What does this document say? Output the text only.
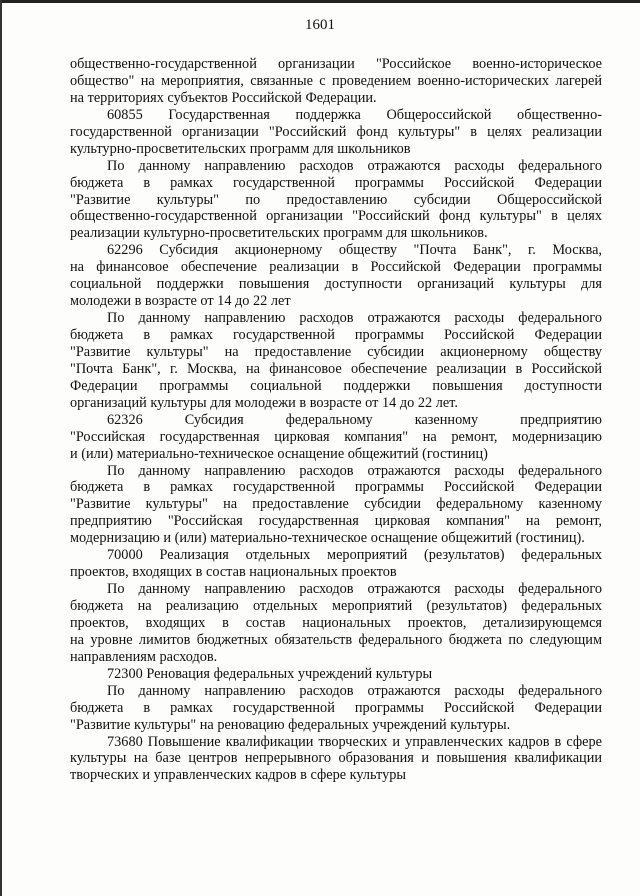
1601
общественно-государственной организации "Российское военно-историческое
общество" на мероприятия, связанные с проведением военно-исторических лагерей
на территориях субъектов Российской Федерации.
60855 Государственная поддержка Общероссийской общественно-
государственной организации "Российский фонд культуры" в целях реализации
культурно-просветительских программ для школьников
По данному направлению расходов отражаются расходы федерального
бюджета в рамках государственной программы Российской Федерации
"Развитие культуры" по предоставлению субсидии Общероссийской
общественно-государственной организации "Российский фонд культуры" в целях
реализации культурно-просветительских программ для школьников.
62296 Субсидия акционерному обществу "Почта Банк", г. Москва,
на финансовое обеспечение реализации в Российской Федерации программы
социальной поддержки повышения доступности организаций культуры для
молодежи в возрасте от 14 до 22 лет
По данному направлению расходов отражаются расходы федерального
бюджета в рамках государственной программы Российской Федерации
"Развитие культуры" на предоставление субсидии акционерному обществу
"Почта Банк", г. Москва, на финансовое обеспечение реализации в Российской
Федерации программы социальной поддержки повышения доступности
организаций культуры для молодежи в возрасте от 14 до 22 лет.
62326 Субсидия федеральному казенному предприятию
"Российская государственная цирковая компания" на ремонт, модернизацию
и (или) материально-техническое оснащение общежитий (гостиниц)
По данному направлению расходов отражаются расходы федерального
бюджета в рамках государственной программы Российской Федерации
"Развитие культуры" на предоставление субсидии федеральному казенному
предприятию "Российская государственная цирковая компания" на ремонт,
модернизацию и (или) материально-техническое оснащение общежитий (гостиниц).
70000 Реализация отдельных мероприятий (результатов) федеральных
проектов, входящих в состав национальных проектов
По данному направлению расходов отражаются расходы федерального
бюджета на реализацию отдельных мероприятий (результатов) федеральных
проектов, входящих в состав национальных проектов, детализирующемся
на уровне лимитов бюджетных обязательств федерального бюджета по следующим
направлениям расходов.
72300 Реновация федеральных учреждений культуры
По данному направлению расходов отражаются расходы федерального
бюджета в рамках государственной программы Российской Федерации
"Развитие культуры" на реновацию федеральных учреждений культуры.
73680 Повышение квалификации творческих и управленческих кадров в сфере
культуры на базе центров непрерывного образования и повышения квалификации
творческих и управленческих кадров в сфере культуры
